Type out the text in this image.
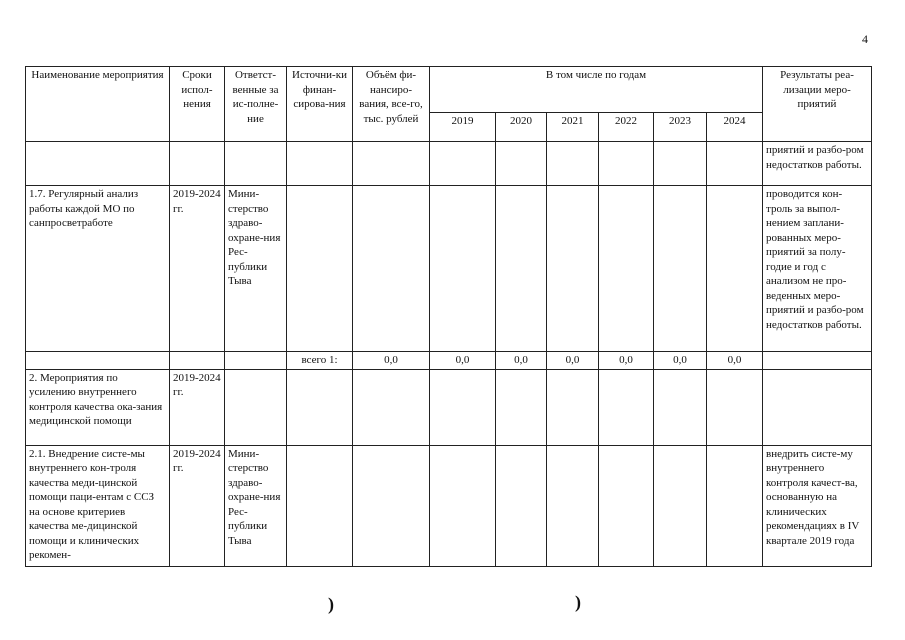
4
Наименование мероприятия	Сроки испол-нения	Ответст-венные за ис-полне-ние	Источни-ки финан-сирова-ния	Объём фи-нансиро-вания, все-го, тыс. рублей	В том числе по годам						Результаты реа-лизации меро-приятий
					2019	2020	2021	2022	2023	2024	
											приятий и разбо-ром недостатков работы.
1.7. Регулярный анализ работы каждой МО по санпросветработе	2019-2024 гг.	Мини-стерство здраво-охране-ния Рес-публики Тыва									проводится кон-троль за выпол-нением заплани-рованных меро-приятий за полу-годие и год с анализом не про-веденных меро-приятий и разбо-ром недостатков работы.
			всего 1:	0,0	0,0	0,0	0,0	0,0	0,0	0,0	
2. Мероприятия по усилению внутреннего контроля качества ока-зания медицинской помощи	2019-2024 гг.										
2.1. Внедрение систе-мы внутреннего кон-троля качества меди-цинской помощи паци-ентам с ССЗ на основе критериев качества ме-дицинской помощи и клинических рекомен-	2019-2024 гг.	Мини-стерство здраво-охране-ния Рес-публики Тыва									внедрить систе-му внутреннего контроля качест-ва, основанную на клинических рекомендациях в IV квартале 2019 года
)	)
